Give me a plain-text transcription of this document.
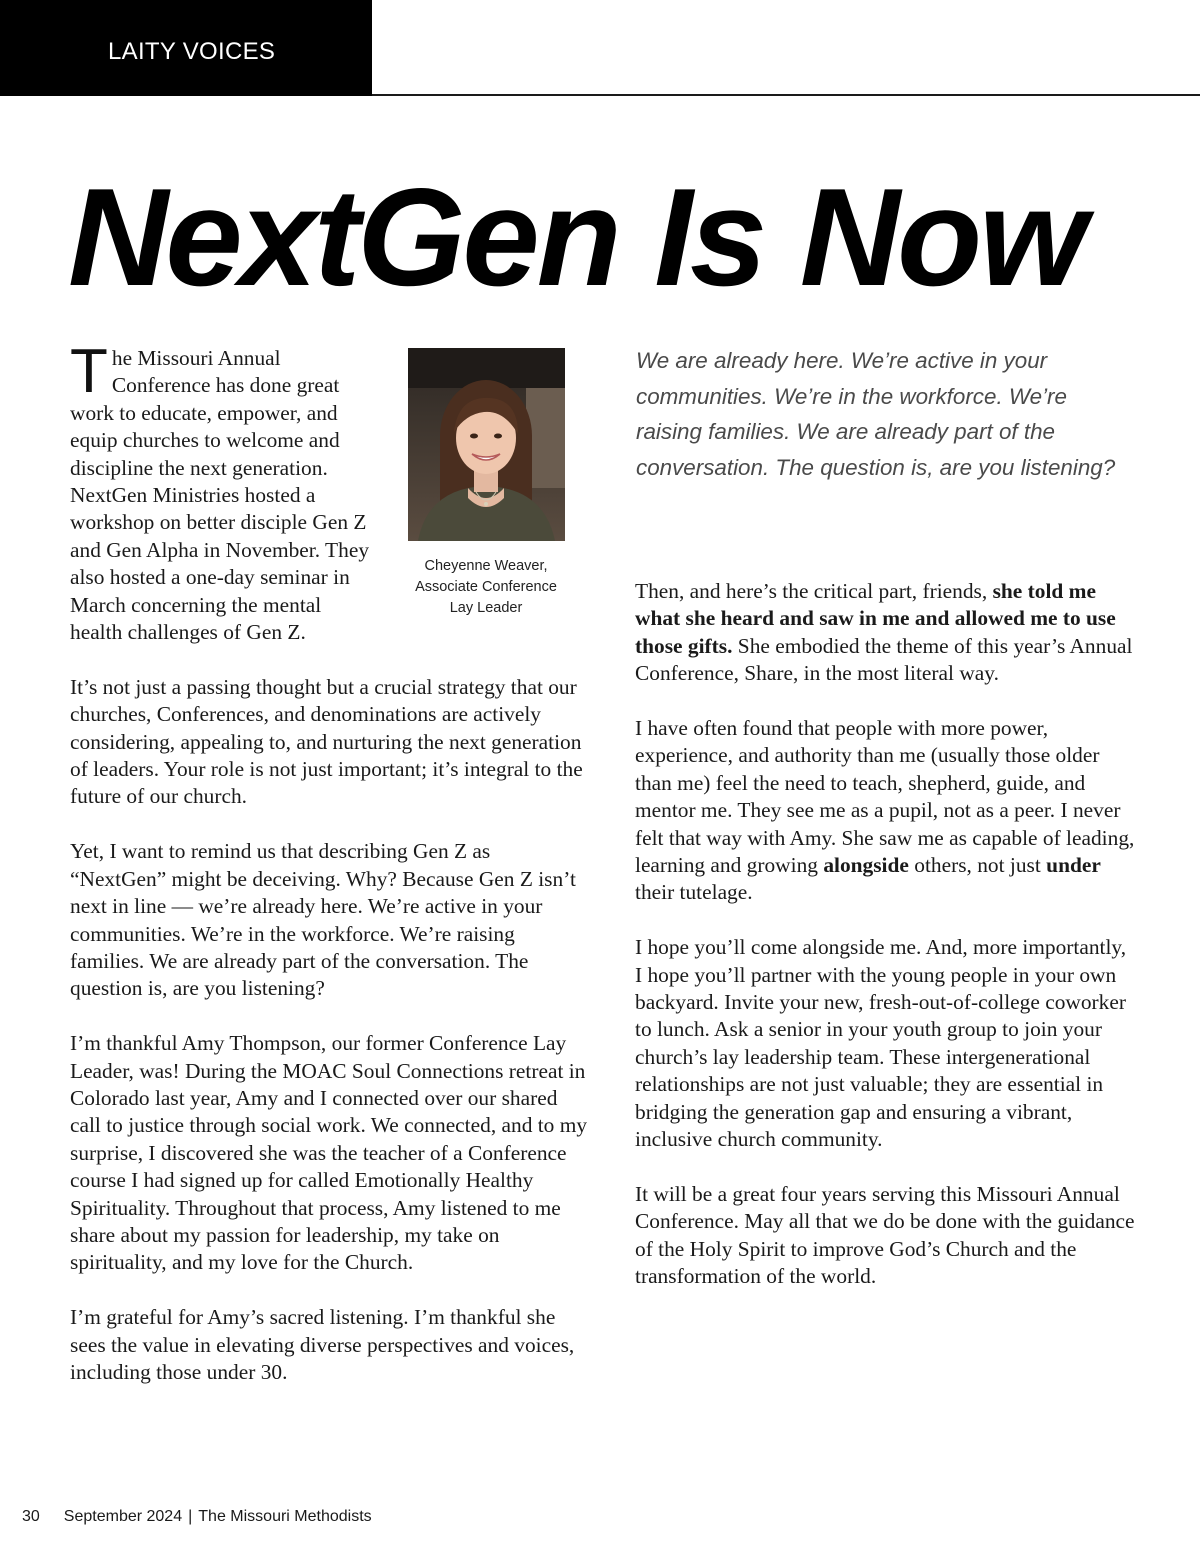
LAITY VOICES
NextGen Is Now
The Missouri Annual Conference has done great work to educate, empower, and equip churches to welcome and discipline the next generation. NextGen Ministries hosted a workshop on better disciple Gen Z and Gen Alpha in November. They also hosted a one-day seminar in March concerning the mental health challenges of Gen Z.

It’s not just a passing thought but a crucial strategy that our churches, Conferences, and denominations are actively considering, appealing to, and nurturing the next generation of leaders. Your role is not just important; it’s integral to the future of our church.

Yet, I want to remind us that describing Gen Z as “NextGen” might be deceiving. Why? Because Gen Z isn’t next in line — we’re already here. We’re active in your communities. We’re in the workforce. We’re raising families. We are already part of the conversation. The question is, are you listening?

I’m thankful Amy Thompson, our former Conference Lay Leader, was! During the MOAC Soul Connections retreat in Colorado last year, Amy and I connected over our shared call to justice through social work. We connected, and to my surprise, I discovered she was the teacher of a Conference course I had signed up for called Emotionally Healthy Spirituality. Throughout that process, Amy listened to me share about my passion for leadership, my take on spirituality, and my love for the Church.

I’m grateful for Amy’s sacred listening. I’m thankful she sees the value in elevating diverse perspectives and voices, including those under 30.

Cheyenne Weaver,
Associate Conference
Lay Leader
We are already here. We’re active in your communities. We’re in the workforce. We’re raising families. We are already part of the conversation. The question is, are you listening?

Then, and here’s the critical part, friends, she told me what she heard and saw in me and allowed me to use those gifts. She embodied the theme of this year’s Annual Conference, Share, in the most literal way.

I have often found that people with more power, experience, and authority than me (usually those older than me) feel the need to teach, shepherd, guide, and mentor me. They see me as a pupil, not as a peer. I never felt that way with Amy. She saw me as capable of leading, learning and growing alongside others, not just under their tutelage.

I hope you’ll come alongside me. And, more importantly, I hope you’ll partner with the young people in your own backyard. Invite your new, fresh-out-of-college coworker to lunch. Ask a senior in your youth group to join your church’s lay leadership team. These intergenerational relationships are not just valuable; they are essential in bridging the generation gap and ensuring a vibrant, inclusive church community.

It will be a great four years serving this Missouri Annual Conference. May all that we do be done with the guidance of the Holy Spirit to improve God’s Church and the transformation of the world.

30 September 2024 | The Missouri Methodists
